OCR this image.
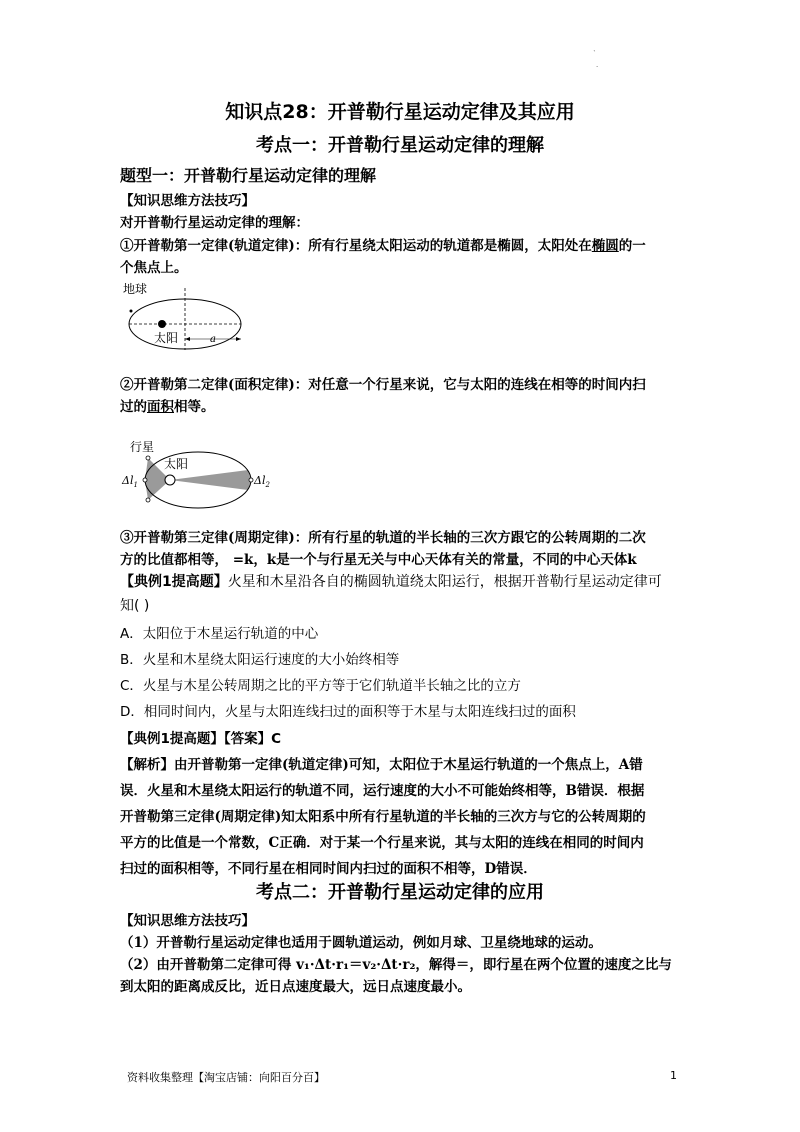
`
·
知识点28：开普勒行星运动定律及其应用
考点一：开普勒行星运动定律的理解
题型一：开普勒行星运动定律的理解
【知识思维方法技巧】
对开普勒行星运动定律的理解：
①开普勒第一定律(轨道定律)：所有行星绕太阳运动的轨道都是椭圆，太阳处在椭圆的一
个焦点上。
地球
太阳	a
②开普勒第二定律(面积定律)：对任意一个行星来说，它与太阳的连线在相等的时间内扫
过的面积相等。
行星
太阳
$\Delta l_1$	$\Delta l_2$
③开普勒第三定律(周期定律)：所有行星的轨道的半长轴的三次方跟它的公转周期的二次
方的比值都相等， =k，k是一个与行星无关与中心天体有关的常量，不同的中心天体k
【典例1提高题】火星和木星沿各自的椭圆轨道绕太阳运行，根据开普勒行星运动定律可
知( )
A．太阳位于木星运行轨道的中心
B．火星和木星绕太阳运行速度的大小始终相等
C．火星与木星公转周期之比的平方等于它们轨道半长轴之比的立方
D．相同时间内，火星与太阳连线扫过的面积等于木星与太阳连线扫过的面积
【典例1提高题】【答案】C
【解析】由开普勒第一定律(轨道定律)可知，太阳位于木星运行轨道的一个焦点上，A错
误．火星和木星绕太阳运行的轨道不同，运行速度的大小不可能始终相等，B错误．根据
开普勒第三定律(周期定律)知太阳系中所有行星轨道的半长轴的三次方与它的公转周期的
平方的比值是一个常数，C正确．对于某一个行星来说，其与太阳的连线在相同的时间内
扫过的面积相等，不同行星在相同时间内扫过的面积不相等，D错误．
考点二：开普勒行星运动定律的应用
【知识思维方法技巧】
（1）开普勒行星运动定律也适用于圆轨道运动，例如月球、卫星绕地球的运动。
（2）由开普勒第二定律可得 v₁·Δt·r₁＝v₂·Δt·r₂，解得＝，即行星在两个位置的速度之比与
到太阳的距离成反比，近日点速度最大，远日点速度最小。
资料收集整理【淘宝店铺：向阳百分百】	1
